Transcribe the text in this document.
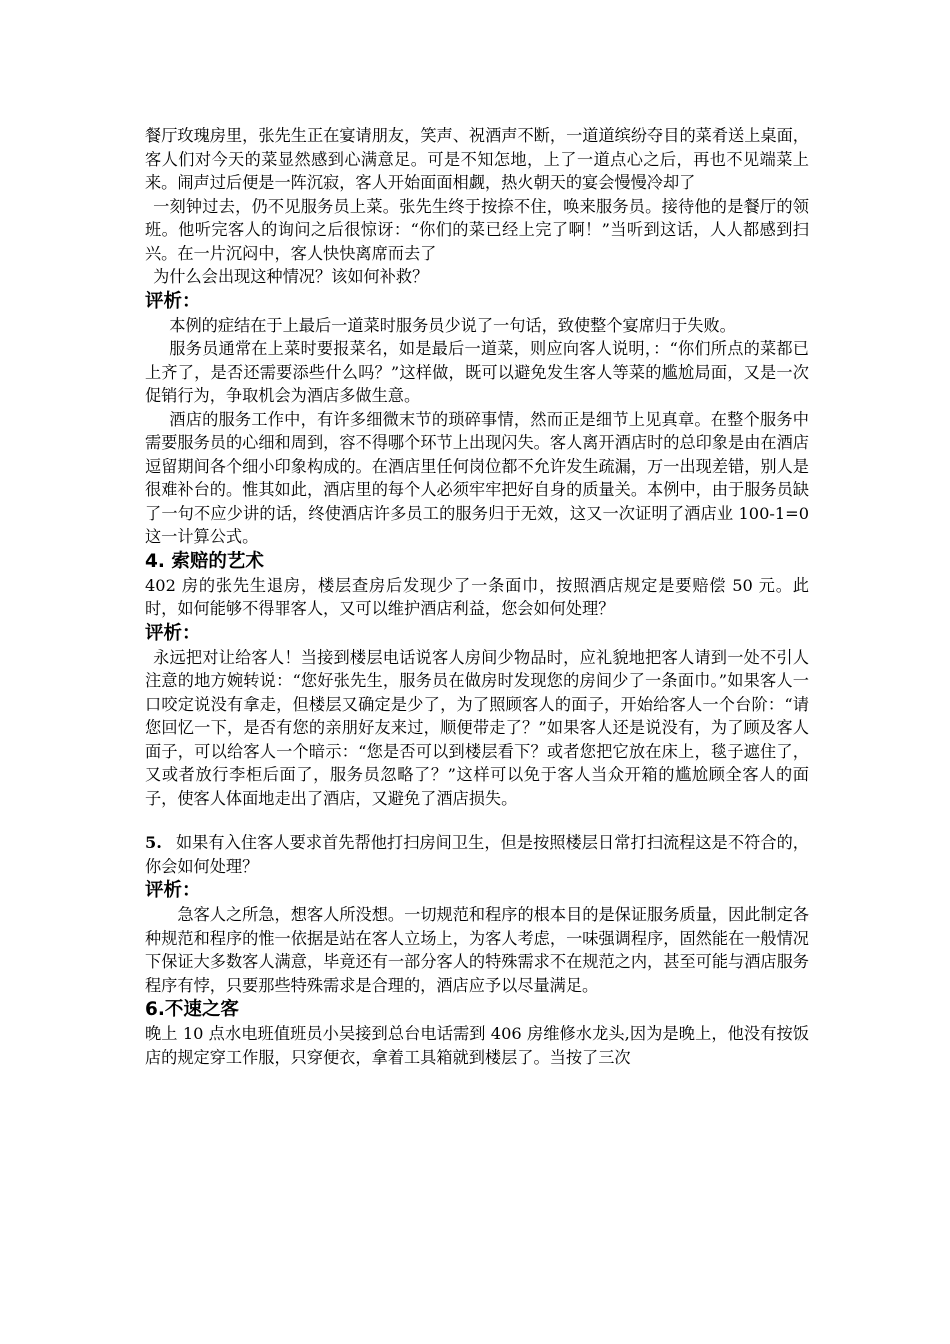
餐厅玫瑰房里，张先生正在宴请朋友，笑声、祝酒声不断，一道道缤纷夺目的菜肴送上桌面，客人们对今天的菜显然感到心满意足。可是不知怎地，上了一道点心之后，再也不见端菜上来。闹声过后便是一阵沉寂，客人开始面面相觑，热火朝天的宴会慢慢冷却了

一刻钟过去，仍不见服务员上菜。张先生终于按捺不住，唤来服务员。接待他的是餐厅的领班。他听完客人的询问之后很惊讶：“你们的菜已经上完了啊！”当听到这话，人人都感到扫兴。在一片沉闷中，客人快快离席而去了

为什么会出现这种情况？该如何补救？

评析：

本例的症结在于上最后一道菜时服务员少说了一句话，致使整个宴席归于失败。

服务员通常在上菜时要报菜名，如是最后一道菜，则应向客人说明，：“你们所点的菜都已上齐了，是否还需要添些什么吗？”这样做，既可以避免发生客人等菜的尴尬局面，又是一次促销行为，争取机会为酒店多做生意。

酒店的服务工作中，有许多细微末节的琐碎事情，然而正是细节上见真章。在整个服务中需要服务员的心细和周到，容不得哪个环节上出现闪失。客人离开酒店时的总印象是由在酒店逗留期间各个细小印象构成的。在酒店里任何岗位都不允许发生疏漏，万一出现差错，别人是很难补台的。惟其如此，酒店里的每个人必须牢牢把好自身的质量关。本例中，由于服务员缺了一句不应少讲的话，终使酒店许多员工的服务归于无效，这又一次证明了酒店业 100-1=0 这一计算公式。

4. 索赔的艺术

402 房的张先生退房，楼层查房后发现少了一条面巾，按照酒店规定是要赔偿 50 元。此时，如何能够不得罪客人，又可以维护酒店利益，您会如何处理？

评析：

永远把对让给客人！当接到楼层电话说客人房间少物品时，应礼貌地把客人请到一处不引人注意的地方婉转说：“您好张先生，服务员在做房时发现您的房间少了一条面巾。”如果客人一口咬定说没有拿走，但楼层又确定是少了，为了照顾客人的面子，开始给客人一个台阶：“请您回忆一下，是否有您的亲朋好友来过，顺便带走了？”如果客人还是说没有，为了顾及客人面子，可以给客人一个暗示：“您是否可以到楼层看下？或者您把它放在床上，毯子遮住了，又或者放行李柜后面了，服务员忽略了？”这样可以免于客人当众开箱的尴尬顾全客人的面子，使客人体面地走出了酒店，又避免了酒店损失。

5. 如果有入住客人要求首先帮他打扫房间卫生，但是按照楼层日常打扫流程这是不符合的，你会如何处理？

评析：

急客人之所急，想客人所没想。一切规范和程序的根本目的是保证服务质量，因此制定各种规范和程序的惟一依据是站在客人立场上，为客人考虑，一味强调程序，固然能在一般情况下保证大多数客人满意，毕竟还有一部分客人的特殊需求不在规范之内，甚至可能与酒店服务程序有悖，只要那些特殊需求是合理的，酒店应予以尽量满足。

6.不速之客

晚上 10 点水电班值班员小吴接到总台电话需到 406 房维修水龙头,因为是晚上，他没有按饭店的规定穿工作服，只穿便衣，拿着工具箱就到楼层了。当按了三次
